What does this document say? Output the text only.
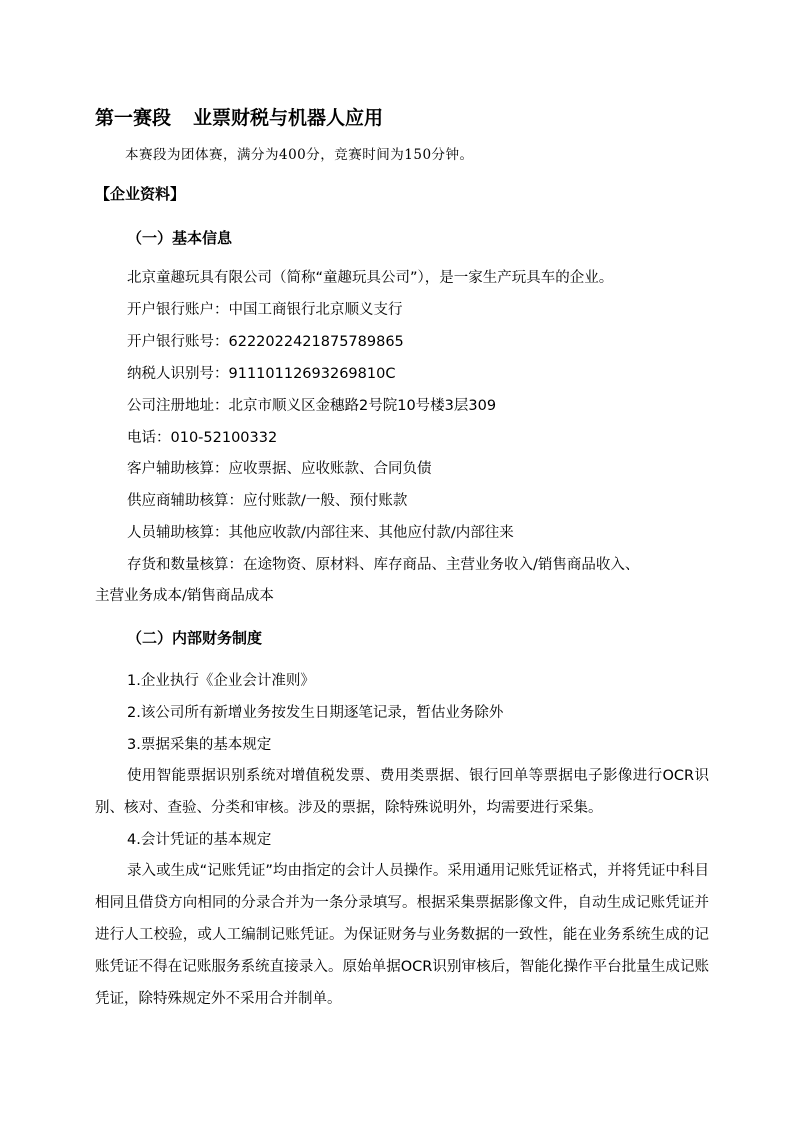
第一赛段 业票财税与机器人应用
本赛段为团体赛，满分为400分，竞赛时间为150分钟。
【企业资料】
（一）基本信息
北京童趣玩具有限公司（简称“童趣玩具公司”），是一家生产玩具车的企业。
开户银行账户：中国工商银行北京顺义支行
开户银行账号：6222022421875789865
纳税人识别号：91110112693269810C
公司注册地址：北京市顺义区金穗路2号院10号楼3层309
电话：010-52100332
客户辅助核算：应收票据、应收账款、合同负债
供应商辅助核算：应付账款/一般、预付账款
人员辅助核算：其他应收款/内部往来、其他应付款/内部往来
存货和数量核算：在途物资、原材料、库存商品、主营业务收入/销售商品收入、
主营业务成本/销售商品成本
（二）内部财务制度
1.企业执行《企业会计准则》
2.该公司所有新增业务按发生日期逐笔记录，暂估业务除外
3.票据采集的基本规定
使用智能票据识别系统对增值税发票、费用类票据、银行回单等票据电子影像进行OCR识别、核对、查验、分类和审核。涉及的票据，除特殊说明外，均需要进行采集。
4.会计凭证的基本规定
录入或生成“记账凭证”均由指定的会计人员操作。采用通用记账凭证格式，并将凭证中科目相同且借贷方向相同的分录合并为一条分录填写。根据采集票据影像文件，自动生成记账凭证并进行人工校验，或人工编制记账凭证。为保证财务与业务数据的一致性，能在业务系统生成的记账凭证不得在记账服务系统直接录入。原始单据OCR识别审核后，智能化操作平台批量生成记账凭证，除特殊规定外不采用合并制单。
